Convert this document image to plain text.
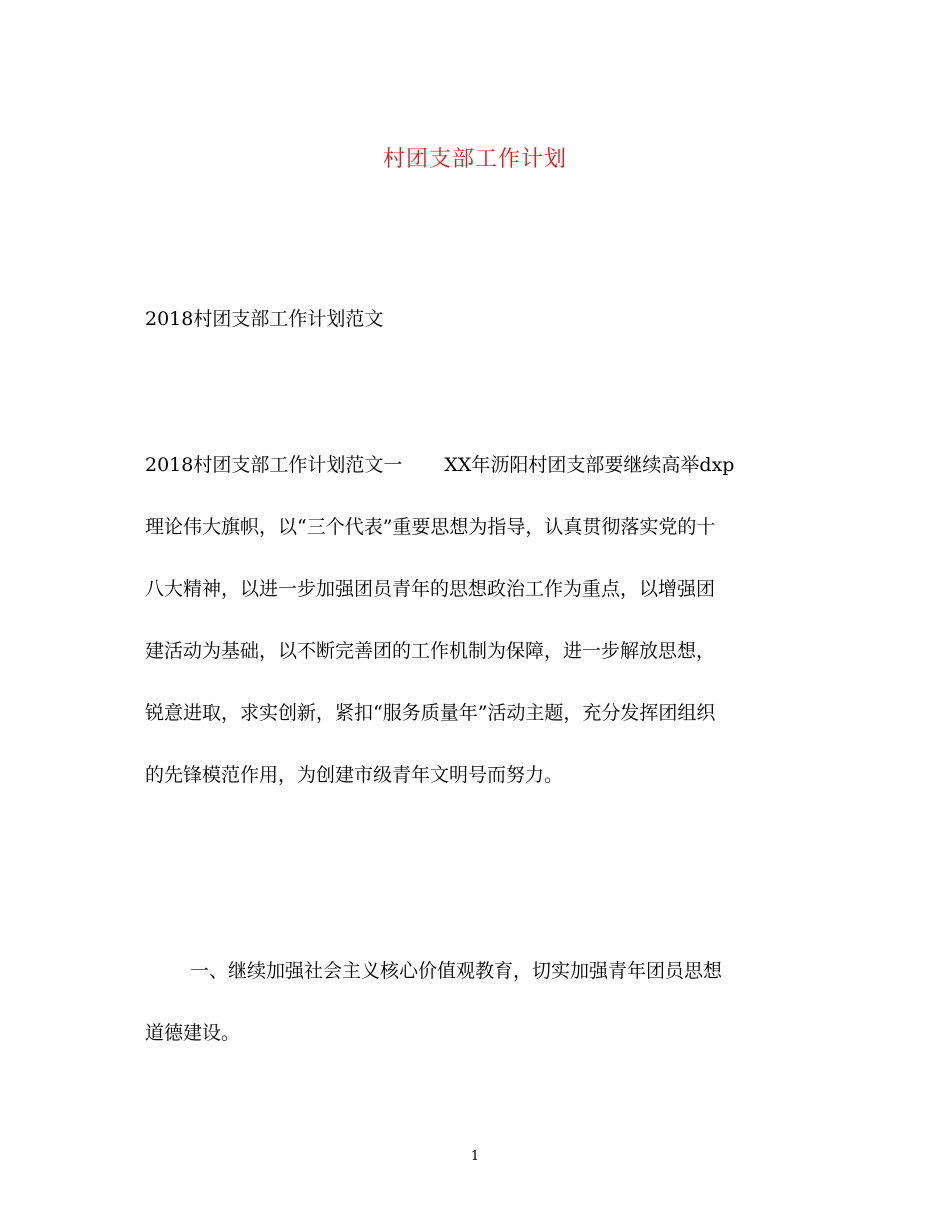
村团支部工作计划
2018村团支部工作计划范文
2018村团支部工作计划范文一 XX年沥阳村团支部要继续高举dxp
理论伟大旗帜，以“三个代表”重要思想为指导，认真贯彻落实党的十
八大精神，以进一步加强团员青年的思想政治工作为重点，以增强团
建活动为基础，以不断完善团的工作机制为保障，进一步解放思想，
锐意进取，求实创新，紧扣“服务质量年”活动主题，充分发挥团组织
的先锋模范作用，为创建市级青年文明号而努力。
一、继续加强社会主义核心价值观教育，切实加强青年团员思想
道德建设。
1
